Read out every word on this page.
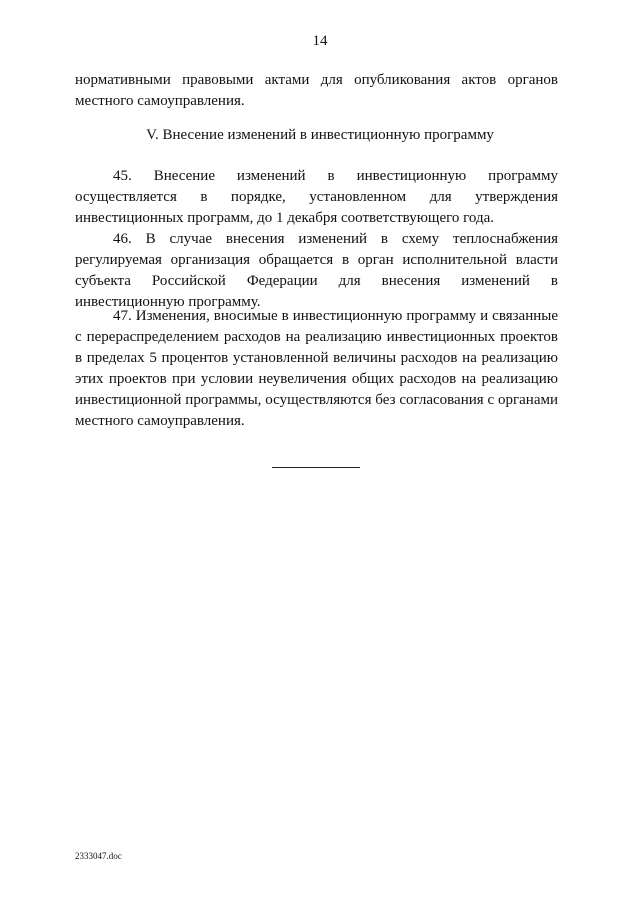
14
нормативными правовыми актами для опубликования актов органов
местного самоуправления.
V. Внесение изменений в инвестиционную программу
45. Внесение изменений в инвестиционную программу
осуществляется в порядке, установленном для утверждения
инвестиционных программ, до 1 декабря соответствующего года.
46. В случае внесения изменений в схему теплоснабжения
регулируемая организация обращается в орган исполнительной власти
субъекта Российской Федерации для внесения изменений в
инвестиционную программу.
47. Изменения, вносимые в инвестиционную программу и связанные
с перераспределением расходов на реализацию инвестиционных проектов
в пределах 5 процентов установленной величины расходов на реализацию
этих проектов при условии неувеличения общих расходов на реализацию
инвестиционной программы, осуществляются без согласования с органами
местного самоуправления.
2333047.doc
